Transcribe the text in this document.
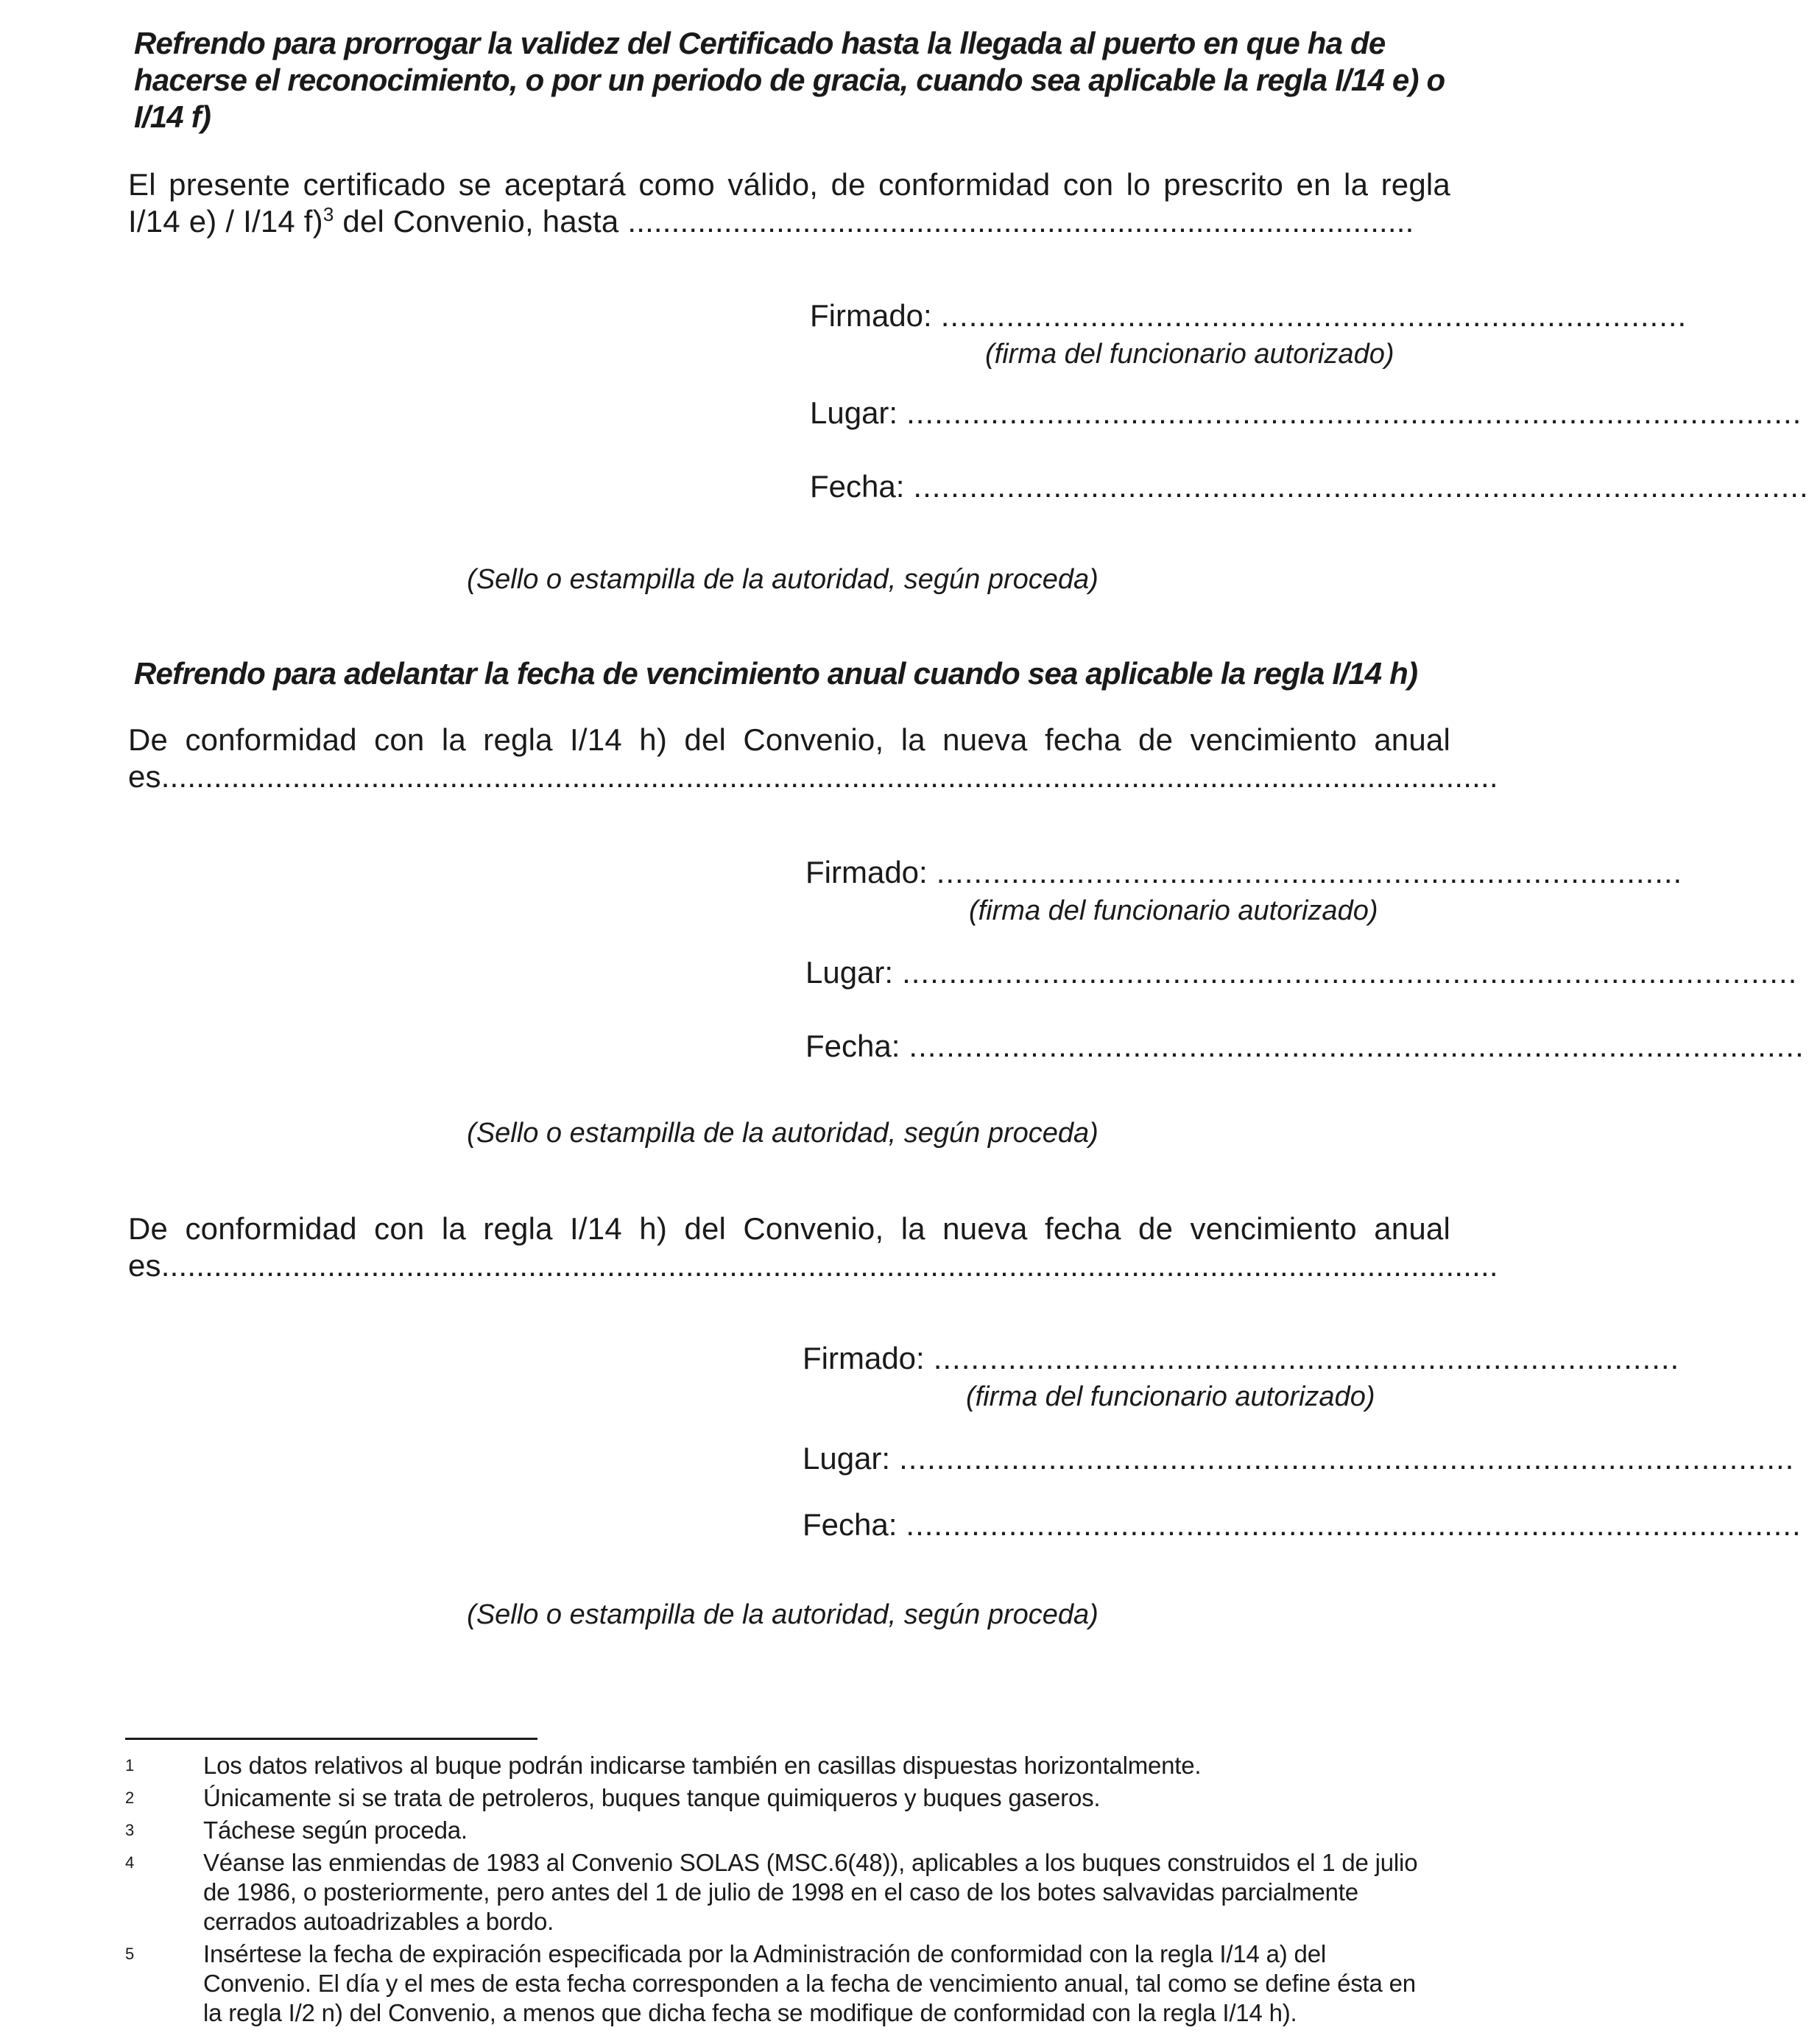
Refrendo para prorrogar la validez del Certificado hasta la llegada al puerto en que ha de hacerse el reconocimiento, o por un periodo de gracia, cuando sea aplicable la regla I/14 e) o I/14 f)
El presente certificado se aceptará como válido, de conformidad con lo prescrito en la regla I/14 e) / I/14 f)$^3$ del Convenio, hasta ..........................................................................................
Firmado: ................................................................................
(firma del funcionario autorizado)
Lugar: ................................................................................................
Fecha: ................................................................................................
(Sello o estampilla de la autoridad, según proceda)
Refrendo para adelantar la fecha de vencimiento anual cuando sea aplicable la regla I/14 h)
De conformidad con la regla I/14 h) del Convenio, la nueva fecha de vencimiento anual es.........................................................................................................................................................
Firmado: ................................................................................
(firma del funcionario autorizado)
Lugar: ................................................................................................
Fecha: ................................................................................................
(Sello o estampilla de la autoridad, según proceda)
De conformidad con la regla I/14 h) del Convenio, la nueva fecha de vencimiento anual es.........................................................................................................................................................
Firmado: ................................................................................
(firma del funcionario autorizado)
Lugar: ................................................................................................
Fecha: ................................................................................................
(Sello o estampilla de la autoridad, según proceda)
1	Los datos relativos al buque podrán indicarse también en casillas dispuestas horizontalmente.
2	Únicamente si se trata de petroleros, buques tanque quimiqueros y buques gaseros.
3	Táchese según proceda.
4	Véanse las enmiendas de 1983 al Convenio SOLAS (MSC.6(48)), aplicables a los buques construidos el 1 de julio de 1986, o posteriormente, pero antes del 1 de julio de 1998 en el caso de los botes salvavidas parcialmente cerrados autoadrizables a bordo.
5	Insértese la fecha de expiración especificada por la Administración de conformidad con la regla I/14 a) del Convenio. El día y el mes de esta fecha corresponden a la fecha de vencimiento anual, tal como se define ésta en la regla I/2 n) del Convenio, a menos que dicha fecha se modifique de conformidad con la regla I/14 h).
